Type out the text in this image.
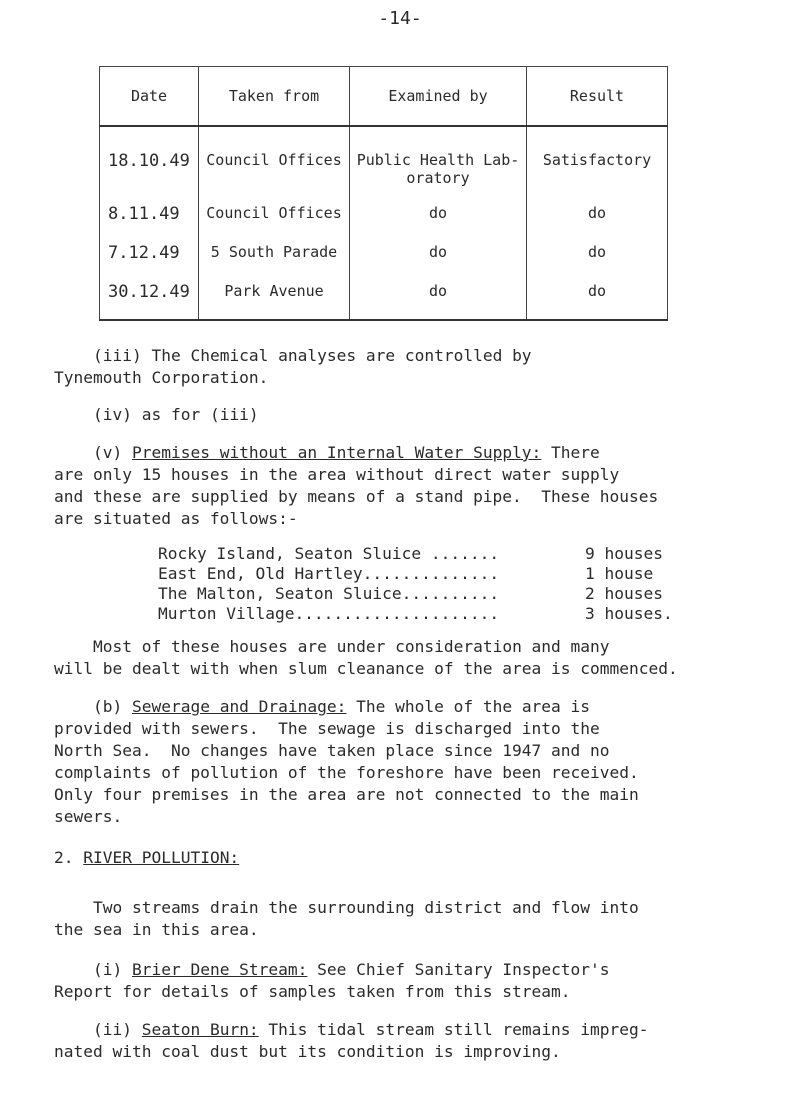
-14-
Date	Taken from	Examined by	Result
18.10.49	Council Offices	Public Health Lab-oratory	Satisfactory
8.11.49	Council Offices	do	do
7.12.49	5 South Parade	do	do
30.12.49	Park Avenue	do	do
(iii) The Chemical analyses are controlled by
Tynemouth Corporation.
(iv) as for (iii)
(v) Premises without an Internal Water Supply: There
are only 15 houses in the area without direct water supply
and these are supplied by means of a stand pipe.  These houses
are situated as follows:-
Rocky Island, Seaton Sluice .......	9 houses
East End, Old Hartley..............	1 house
The Malton, Seaton Sluice..........	2 houses
Murton Village.....................	3 houses.
Most of these houses are under consideration and many
will be dealt with when slum cleanance of the area is commenced.
(b) Sewerage and Drainage: The whole of the area is
provided with sewers.  The sewage is discharged into the
North Sea.  No changes have taken place since 1947 and no
complaints of pollution of the foreshore have been received.
Only four premises in the area are not connected to the main
sewers.
2. RIVER POLLUTION:
Two streams drain the surrounding district and flow into
the sea in this area.
(i) Brier Dene Stream: See Chief Sanitary Inspector's
Report for details of samples taken from this stream.
(ii) Seaton Burn: This tidal stream still remains impreg-
nated with coal dust but its condition is improving.
